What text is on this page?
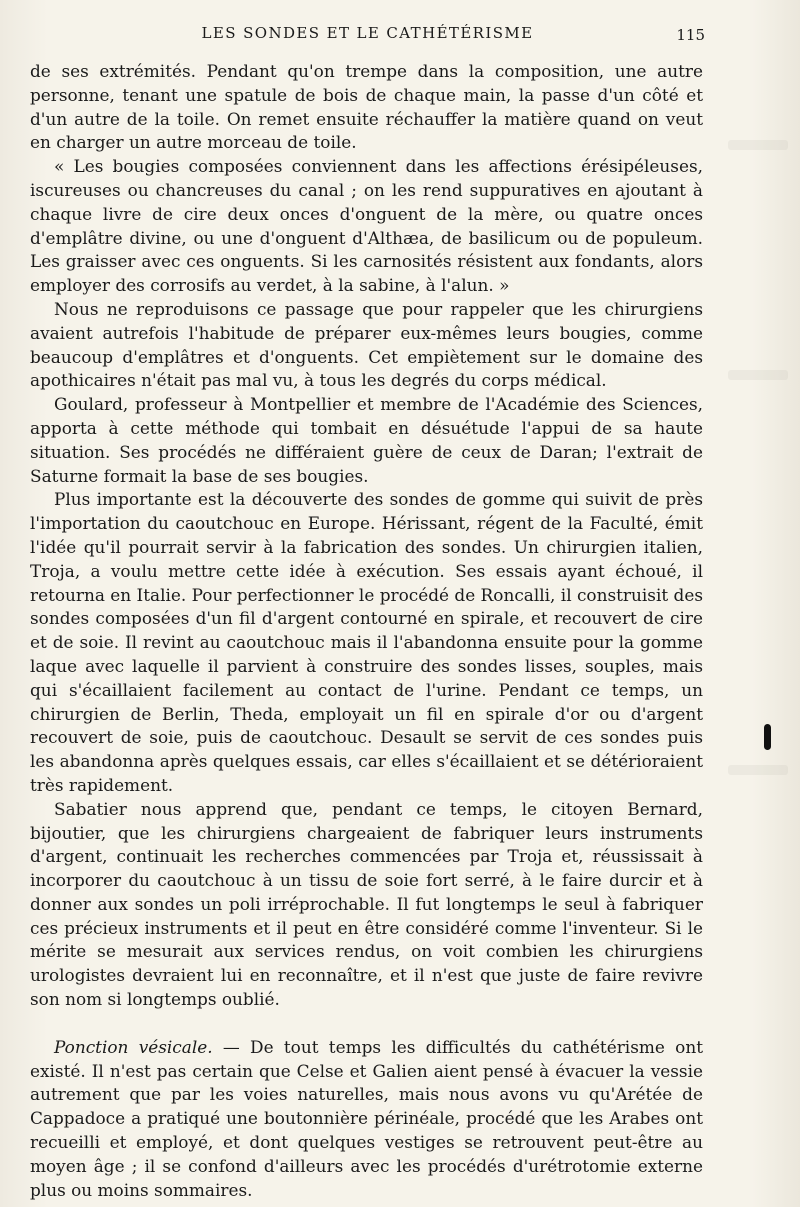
LES SONDES ET LE CATHÉTÉRISME	115

de ses extrémités. Pendant qu'on trempe dans la composition, une autre personne, tenant une spatule de bois de chaque main, la passe d'un côté et d'un autre de la toile. On remet ensuite réchauffer la matière quand on veut en charger un autre morceau de toile.

« Les bougies composées conviennent dans les affections érésipéleuses, iscureuses ou chancreuses du canal ; on les rend suppuratives en ajoutant à chaque livre de cire deux onces d'onguent de la mère, ou quatre onces d'emplâtre divine, ou une d'onguent d'Althæa, de basilicum ou de populeum. Les graisser avec ces onguents. Si les carnosités résistent aux fondants, alors employer des corrosifs au verdet, à la sabine, à l'alun. »

Nous ne reproduisons ce passage que pour rappeler que les chirurgiens avaient autrefois l'habitude de préparer eux-mêmes leurs bougies, comme beaucoup d'emplâtres et d'onguents. Cet empiètement sur le domaine des apothicaires n'était pas mal vu, à tous les degrés du corps médical.

Goulard, professeur à Montpellier et membre de l'Académie des Sciences, apporta à cette méthode qui tombait en désuétude l'appui de sa haute situation. Ses procédés ne différaient guère de ceux de Daran; l'extrait de Saturne formait la base de ses bougies.

Plus importante est la découverte des sondes de gomme qui suivit de près l'importation du caoutchouc en Europe. Hérissant, régent de la Faculté, émit l'idée qu'il pourrait servir à la fabrication des sondes. Un chirurgien italien, Troja, a voulu mettre cette idée à exécution. Ses essais ayant échoué, il retourna en Italie. Pour perfectionner le procédé de Roncalli, il construisit des sondes composées d'un fil d'argent contourné en spirale, et recouvert de cire et de soie. Il revint au caoutchouc mais il l'abandonna ensuite pour la gomme laque avec laquelle il parvient à construire des sondes lisses, souples, mais qui s'écaillaient facilement au contact de l'urine. Pendant ce temps, un chirurgien de Berlin, Theda, employait un fil en spirale d'or ou d'argent recouvert de soie, puis de caoutchouc. Desault se servit de ces sondes puis les abandonna après quelques essais, car elles s'écaillaient et se détérioraient très rapidement.

Sabatier nous apprend que, pendant ce temps, le citoyen Bernard, bijoutier, que les chirurgiens chargeaient de fabriquer leurs instruments d'argent, continuait les recherches commencées par Troja et, réussissait à incorporer du caoutchouc à un tissu de soie fort serré, à le faire durcir et à donner aux sondes un poli irréprochable. Il fut longtemps le seul à fabriquer ces précieux instruments et il peut en être considéré comme l'inventeur. Si le mérite se mesurait aux services rendus, on voit combien les chirurgiens urologistes devraient lui en reconnaître, et il n'est que juste de faire revivre son nom si longtemps oublié.

Ponction vésicale. — De tout temps les difficultés du cathétérisme ont existé. Il n'est pas certain que Celse et Galien aient pensé à évacuer la vessie autrement que par les voies naturelles, mais nous avons vu qu'Arétée de Cappadoce a pratiqué une boutonnière périnéale, procédé que les Arabes ont recueilli et employé, et dont quelques vestiges se retrouvent peut-être au moyen âge ; il se confond d'ailleurs avec les procédés d'urétrotomie externe plus ou moins sommaires.
